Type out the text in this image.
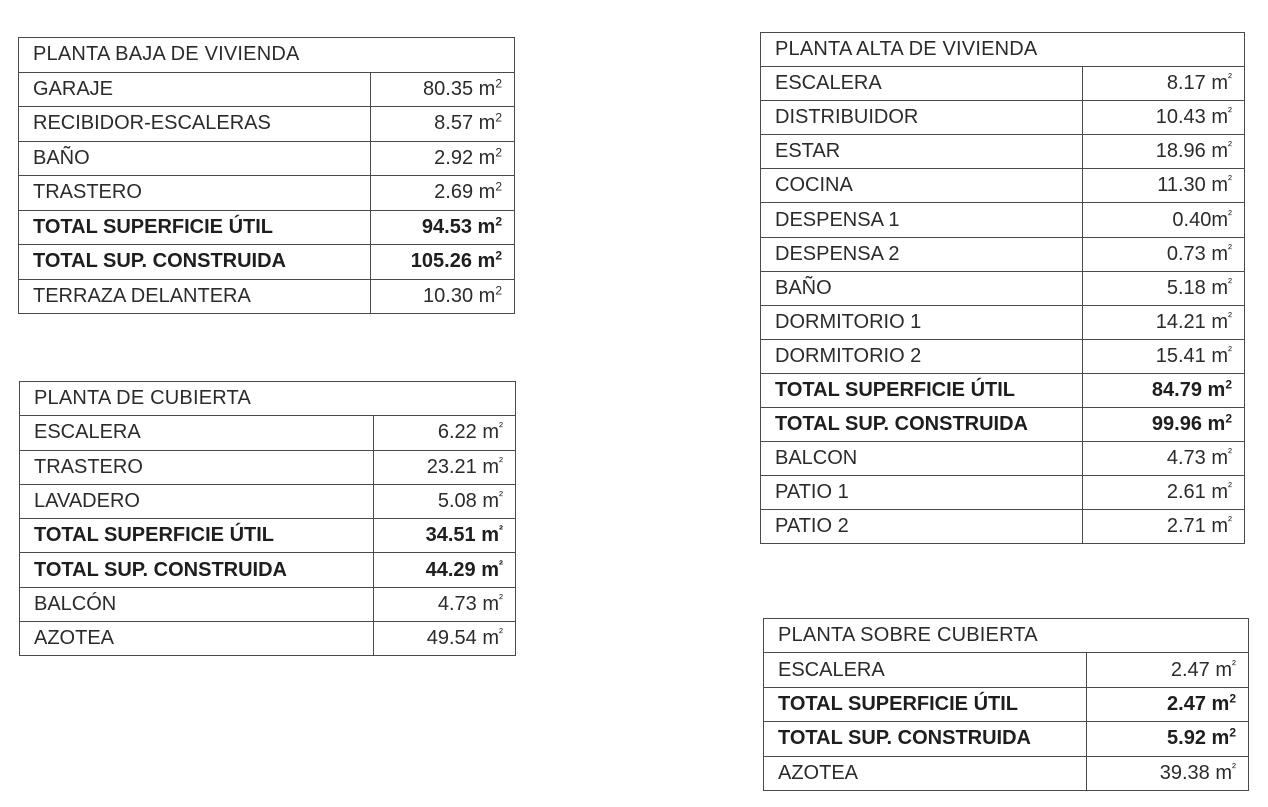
PLANTA BAJA DE VIVIENDA	
GARAJE	80.35 $m^2$
RECIBIDOR-ESCALERAS	8.57 $m^2$
BAÑO	2.92 $m^2$
TRASTERO	2.69 $m^2$
TOTAL SUPERFICIE ÚTIL	94.53 $m^2$
TOTAL SUP. CONSTRUIDA	105.26 $m^2$
TERRAZA DELANTERA	10.30 $m^2$
PLANTA DE CUBIERTA	
ESCALERA	6.22 $m^{^2}$
TRASTERO	23.21 $m^{^2}$
LAVADERO	5.08 $m^{^2}$
TOTAL SUPERFICIE ÚTIL	34.51 $m^{^2}$
TOTAL SUP. CONSTRUIDA	44.29 $m^{^2}$
BALCÓN	4.73 $m^{^2}$
AZOTEA	49.54 $m^{^2}$
PLANTA ALTA DE VIVIENDA	
ESCALERA	8.17 $m^{^2}$
DISTRIBUIDOR	10.43 $m^{^2}$
ESTAR	18.96 $m^{^2}$
COCINA	11.30 $m^{^2}$
DESPENSA 1	$0.40m^{^2}$
DESPENSA 2	0.73 $m^{^2}$
BAÑO	5.18 $m^{^2}$
DORMITORIO 1	14.21 $m^{^2}$
DORMITORIO 2	15.41 $m^{^2}$
TOTAL SUPERFICIE ÚTIL	84.79 $m^2$
TOTAL SUP. CONSTRUIDA	99.96 $m^2$
BALCON	4.73 $m^{^2}$
PATIO 1	2.61 $m^{^2}$
PATIO 2	2.71 $m^{^2}$
PLANTA SOBRE CUBIERTA	
ESCALERA	2.47 $m^{^2}$
TOTAL SUPERFICIE ÚTIL	2.47 $m^2$
TOTAL SUP. CONSTRUIDA	5.92 $m^2$
AZOTEA	39.38 $m^{^2}$
